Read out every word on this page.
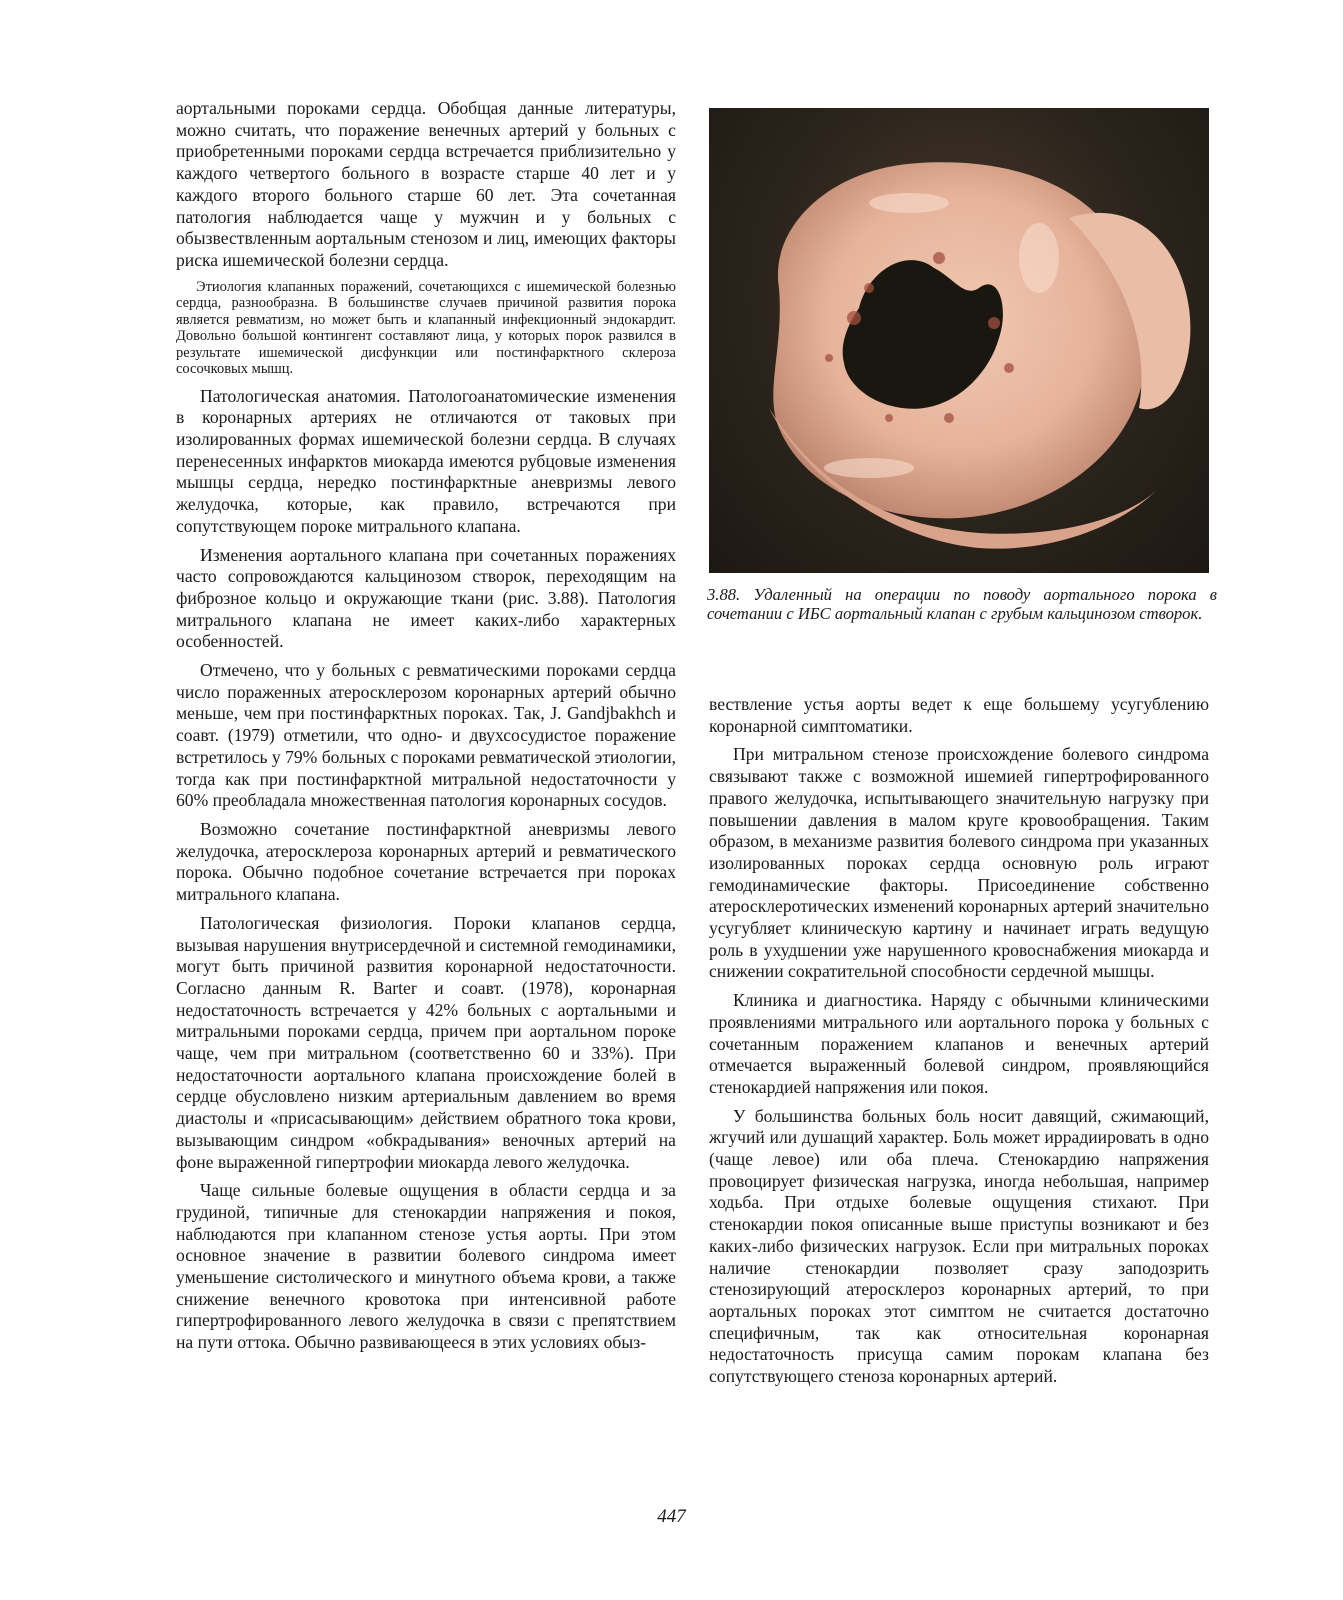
аортальными пороками сердца. Обобщая данные литературы, можно считать, что поражение венечных артерий у больных с приобретенными пороками сердца встречается приблизительно у каждого четвертого больного в возрасте старше 40 лет и у каждого второго больного старше 60 лет. Эта сочетанная патология наблюдается чаще у мужчин и у больных с обызвествленным аортальным стенозом и лиц, имеющих факторы риска ишемической болезни сердца.

Этиология клапанных поражений, сочетающихся с ишемической болезнью сердца, разнообразна. В большинстве случаев причиной развития порока является ревматизм, но может быть и клапанный инфекционный эндокардит. Довольно большой контингент составляют лица, у которых порок развился в результате ишемической дисфункции или постинфарктного склероза сосочковых мышц.

Патологическая анатомия. Патологоанатомические изменения в коронарных артериях не отличаются от таковых при изолированных формах ишемической болезни сердца. В случаях перенесенных инфарктов миокарда имеются рубцовые изменения мышцы сердца, нередко постинфарктные аневризмы левого желудочка, которые, как правило, встречаются при сопутствующем пороке митрального клапана.

Изменения аортального клапана при сочетанных поражениях часто сопровождаются кальцинозом створок, переходящим на фиброзное кольцо и окружающие ткани (рис. 3.88). Патология митрального клапана не имеет каких-либо характерных особенностей.

Отмечено, что у больных с ревматическими пороками сердца число пораженных атеросклерозом коронарных артерий обычно меньше, чем при постинфарктных пороках. Так, J. Gandjbakhch и соавт. (1979) отметили, что одно- и двухсосудистое поражение встретилось у 79% больных с пороками ревматической этиологии, тогда как при постинфарктной митральной недостаточности у 60% преобладала множественная патология коронарных сосудов.

Возможно сочетание постинфарктной аневризмы левого желудочка, атеросклероза коронарных артерий и ревматического порока. Обычно подобное сочетание встречается при пороках митрального клапана.

Патологическая физиология. Пороки клапанов сердца, вызывая нарушения внутрисердечной и системной гемодинамики, могут быть причиной развития коронарной недостаточности. Согласно данным R. Barter и соавт. (1978), коронарная недостаточность встречается у 42% больных с аортальными и митральными пороками сердца, причем при аортальном пороке чаще, чем при митральном (соответственно 60 и 33%). При недостаточности аортального клапана происхождение болей в сердце обусловлено низким артериальным давлением во время диастолы и «присасывающим» действием обратного тока крови, вызывающим синдром «обкрадывания» веночных артерий на фоне выраженной гипертрофии миокарда левого желудочка.

Чаще сильные болевые ощущения в области сердца и за грудиной, типичные для стенокардии напряжения и покоя, наблюдаются при клапанном стенозе устья аорты. При этом основное значение в развитии болевого синдрома имеет уменьшение систолического и минутного объема крови, а также снижение венечного кровотока при интенсивной работе гипертрофированного левого желудочка в связи с препятствием на пути оттока. Обычно развивающееся в этих условиях обыз-

3.88. Удаленный на операции по поводу аортального порока в сочетании с ИБС аортальный клапан с грубым кальцинозом створок.

вествление устья аорты ведет к еще большему усугублению коронарной симптоматики.

При митральном стенозе происхождение болевого синдрома связывают также с возможной ишемией гипертрофированного правого желудочка, испытывающего значительную нагрузку при повышении давления в малом круге кровообращения. Таким образом, в механизме развития болевого синдрома при указанных изолированных пороках сердца основную роль играют гемодинамические факторы. Присоединение собственно атеросклеротических изменений коронарных артерий значительно усугубляет клиническую картину и начинает играть ведущую роль в ухудшении уже нарушенного кровоснабжения миокарда и снижении сократительной способности сердечной мышцы.

Клиника и диагностика. Наряду с обычными клиническими проявлениями митрального или аортального порока у больных с сочетанным поражением клапанов и венечных артерий отмечается выраженный болевой синдром, проявляющийся стенокардией напряжения или покоя.

У большинства больных боль носит давящий, сжимающий, жгучий или душащий характер. Боль может иррадиировать в одно (чаще левое) или оба плеча. Стенокардию напряжения провоцирует физическая нагрузка, иногда небольшая, например ходьба. При отдыхе болевые ощущения стихают. При стенокардии покоя описанные выше приступы возникают и без каких-либо физических нагрузок. Если при митральных пороках наличие стенокардии позволяет сразу заподозрить стенозирующий атеросклероз коронарных артерий, то при аортальных пороках этот симптом не считается достаточно специфичным, так как относительная коронарная недостаточность присуща самим порокам клапана без сопутствующего стеноза коронарных артерий.

447
